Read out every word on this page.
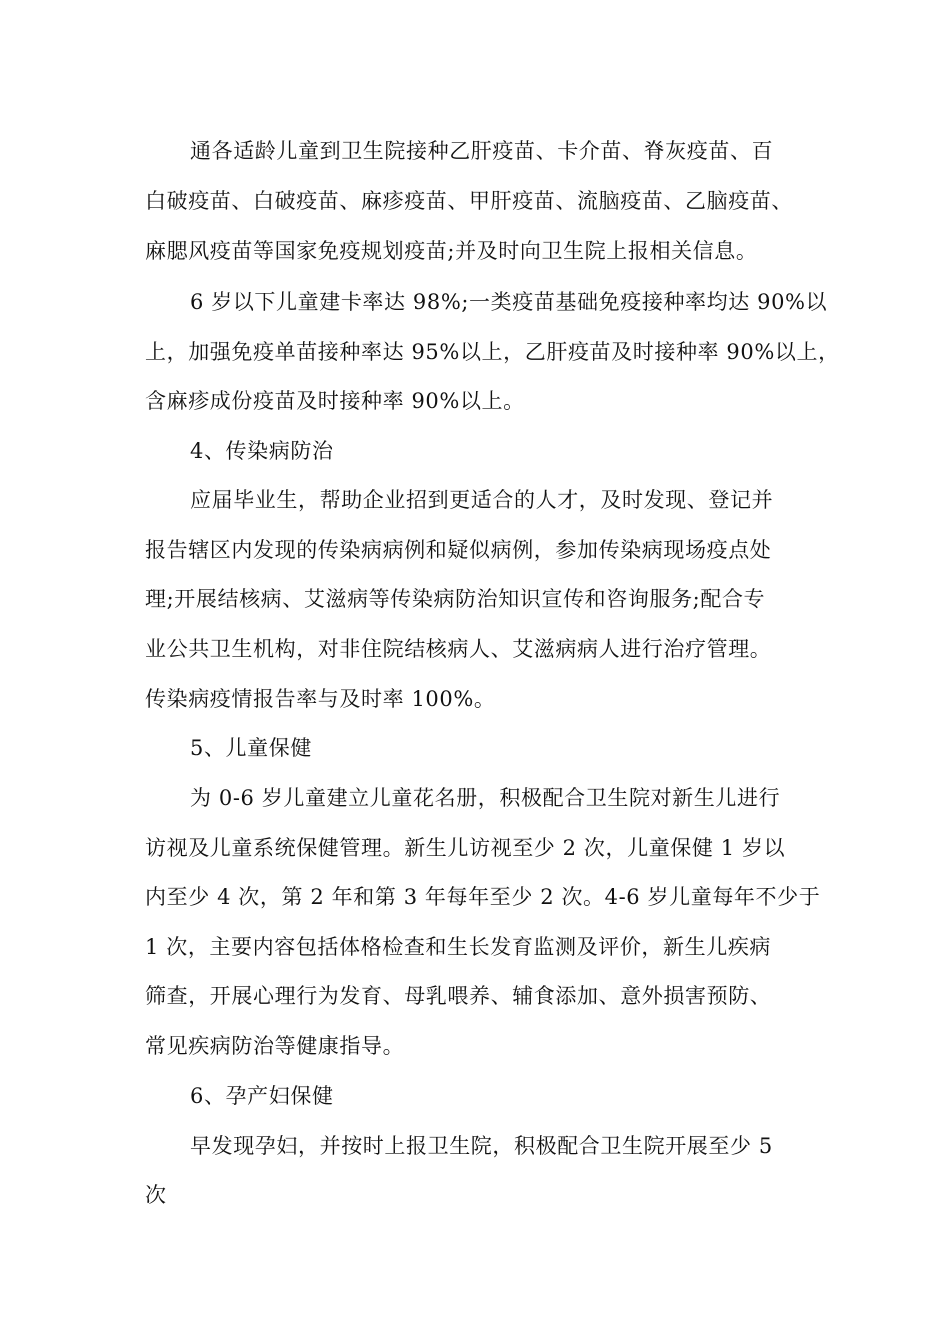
通各适龄儿童到卫生院接种乙肝疫苗、卡介苗、脊灰疫苗、百
白破疫苗、白破疫苗、麻疹疫苗、甲肝疫苗、流脑疫苗、乙脑疫苗、
麻腮风疫苗等国家免疫规划疫苗;并及时向卫生院上报相关信息。
6 岁以下儿童建卡率达 98%;一类疫苗基础免疫接种率均达 90%以
上，加强免疫单苗接种率达 95%以上，乙肝疫苗及时接种率 90%以上，
含麻疹成份疫苗及时接种率 90%以上。
4、传染病防治
应届毕业生，帮助企业招到更适合的人才，及时发现、登记并
报告辖区内发现的传染病病例和疑似病例，参加传染病现场疫点处
理;开展结核病、艾滋病等传染病防治知识宣传和咨询服务;配合专
业公共卫生机构，对非住院结核病人、艾滋病病人进行治疗管理。
传染病疫情报告率与及时率 100%。
5、儿童保健
为 0-6 岁儿童建立儿童花名册，积极配合卫生院对新生儿进行
访视及儿童系统保健管理。新生儿访视至少 2 次，儿童保健 1 岁以
内至少 4 次，第 2 年和第 3 年每年至少 2 次。4-6 岁儿童每年不少于
1 次，主要内容包括体格检查和生长发育监测及评价，新生儿疾病
筛查，开展心理行为发育、母乳喂养、辅食添加、意外损害预防、
常见疾病防治等健康指导。
6、孕产妇保健
早发现孕妇，并按时上报卫生院，积极配合卫生院开展至少 5
次
